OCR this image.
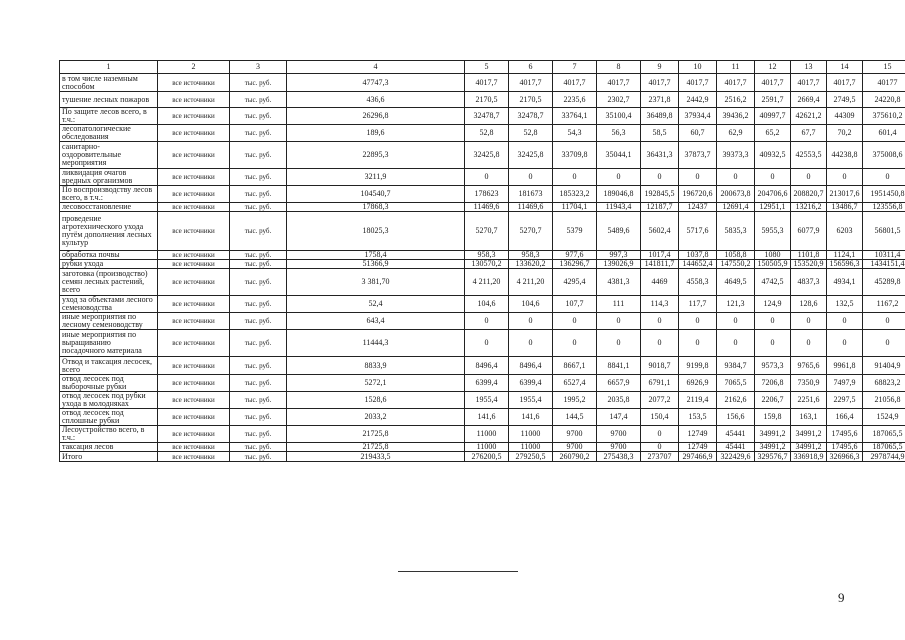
1	2	3	4	5	6	7	8	9	10	11	12	13	14	15
в том числе наземным способом	все источники	тыс. руб.	47747,3	4017,7	4017,7	4017,7	4017,7	4017,7	4017,7	4017,7	4017,7	4017,7	4017,7	40177
тушение лесных пожаров	все источники	тыс. руб.	436,6	2170,5	2170,5	2235,6	2302,7	2371,8	2442,9	2516,2	2591,7	2669,4	2749,5	24220,8
По защите лесов всего, в т.ч.:	все источники	тыс. руб.	26296,8	32478,7	32478,7	33764,1	35100,4	36489,8	37934,4	39436,2	40997,7	42621,2	44309	375610,2
лесопатологические обследования	все источники	тыс. руб.	189,6	52,8	52,8	54,3	56,3	58,5	60,7	62,9	65,2	67,7	70,2	601,4
санитарно-оздоровительные мероприятия	все источники	тыс. руб.	22895,3	32425,8	32425,8	33709,8	35044,1	36431,3	37873,7	39373,3	40932,5	42553,5	44238,8	375008,6
ликвидация очагов вредных организмов	все источники	тыс. руб.	3211,9	0	0	0	0	0	0	0	0	0	0	0
По воспроизводству лесов всего, в т.ч.:	все источники	тыс. руб.	104540,7	178623	181673	185323,2	189046,8	192845,5	196720,6	200673,8	204706,6	208820,7	213017,6	1951450,8
лесовосстановление	все источники	тыс. руб.	17868,3	11469,6	11469,6	11704,1	11943,4	12187,7	12437	12691,4	12951,1	13216,2	13486,7	123556,8
проведение агротехнического ухода путём дополнения лесных культур	все источники	тыс. руб.	18025,3	5270,7	5270,7	5379	5489,6	5602,4	5717,6	5835,3	5955,3	6077,9	6203	56801,5
обработка почвы	все источники	тыс. руб.	1758,4	958,3	958,3	977,6	997,3	1017,4	1037,8	1058,8	1080	1101,8	1124,1	10311,4
рубки ухода	все источники	тыс. руб.	51366,9	130570,2	133620,2	136296,7	139026,9	141811,7	144652,4	147550,2	150505,9	153520,9	156596,3	1434151,4
заготовка (производство) семян лесных растений, всего	все источники	тыс. руб.	3 381,70	4 211,20	4 211,20	4295,4	4381,3	4469	4558,3	4649,5	4742,5	4837,3	4934,1	45289,8
уход за объектами лесного семеноводства	все источники	тыс. руб.	52,4	104,6	104,6	107,7	111	114,3	117,7	121,3	124,9	128,6	132,5	1167,2
иные мероприятия по лесному семеноводству	все источники	тыс. руб.	643,4	0	0	0	0	0	0	0	0	0	0	0
иные мероприятия по выращиванию посадочного материала	все источники	тыс. руб.	11444,3	0	0	0	0	0	0	0	0	0	0	0
Отвод и таксация лесосек, всего	все источники	тыс. руб.	8833,9	8496,4	8496,4	8667,1	8841,1	9018,7	9199,8	9384,7	9573,3	9765,6	9961,8	91404,9
отвод лесосек под выборочные рубки	все источники	тыс. руб.	5272,1	6399,4	6399,4	6527,4	6657,9	6791,1	6926,9	7065,5	7206,8	7350,9	7497,9	68823,2
отвод лесосек под рубки ухода в молодняках	все источники	тыс. руб.	1528,6	1955,4	1955,4	1995,2	2035,8	2077,2	2119,4	2162,6	2206,7	2251,6	2297,5	21056,8
отвод лесосек под сплошные рубки	все источники	тыс. руб.	2033,2	141,6	141,6	144,5	147,4	150,4	153,5	156,6	159,8	163,1	166,4	1524,9
Лесоустройство всего, в т.ч.:	все источники	тыс. руб.	21725,8	11000	11000	9700	9700	0	12749	45441	34991,2	34991,2	17495,6	187065,5
таксация лесов	все источники	тыс. руб.	21725,8	11000	11000	9700	9700	0	12749	45441	34991,2	34991,2	17495,6	187065,5
Итого	все источники	тыс. руб.	219433,5	276200,5	279250,5	260790,2	275438,3	273707	297466,9	322429,6	329576,7	336918,9	326966,3	2978744,9
9
